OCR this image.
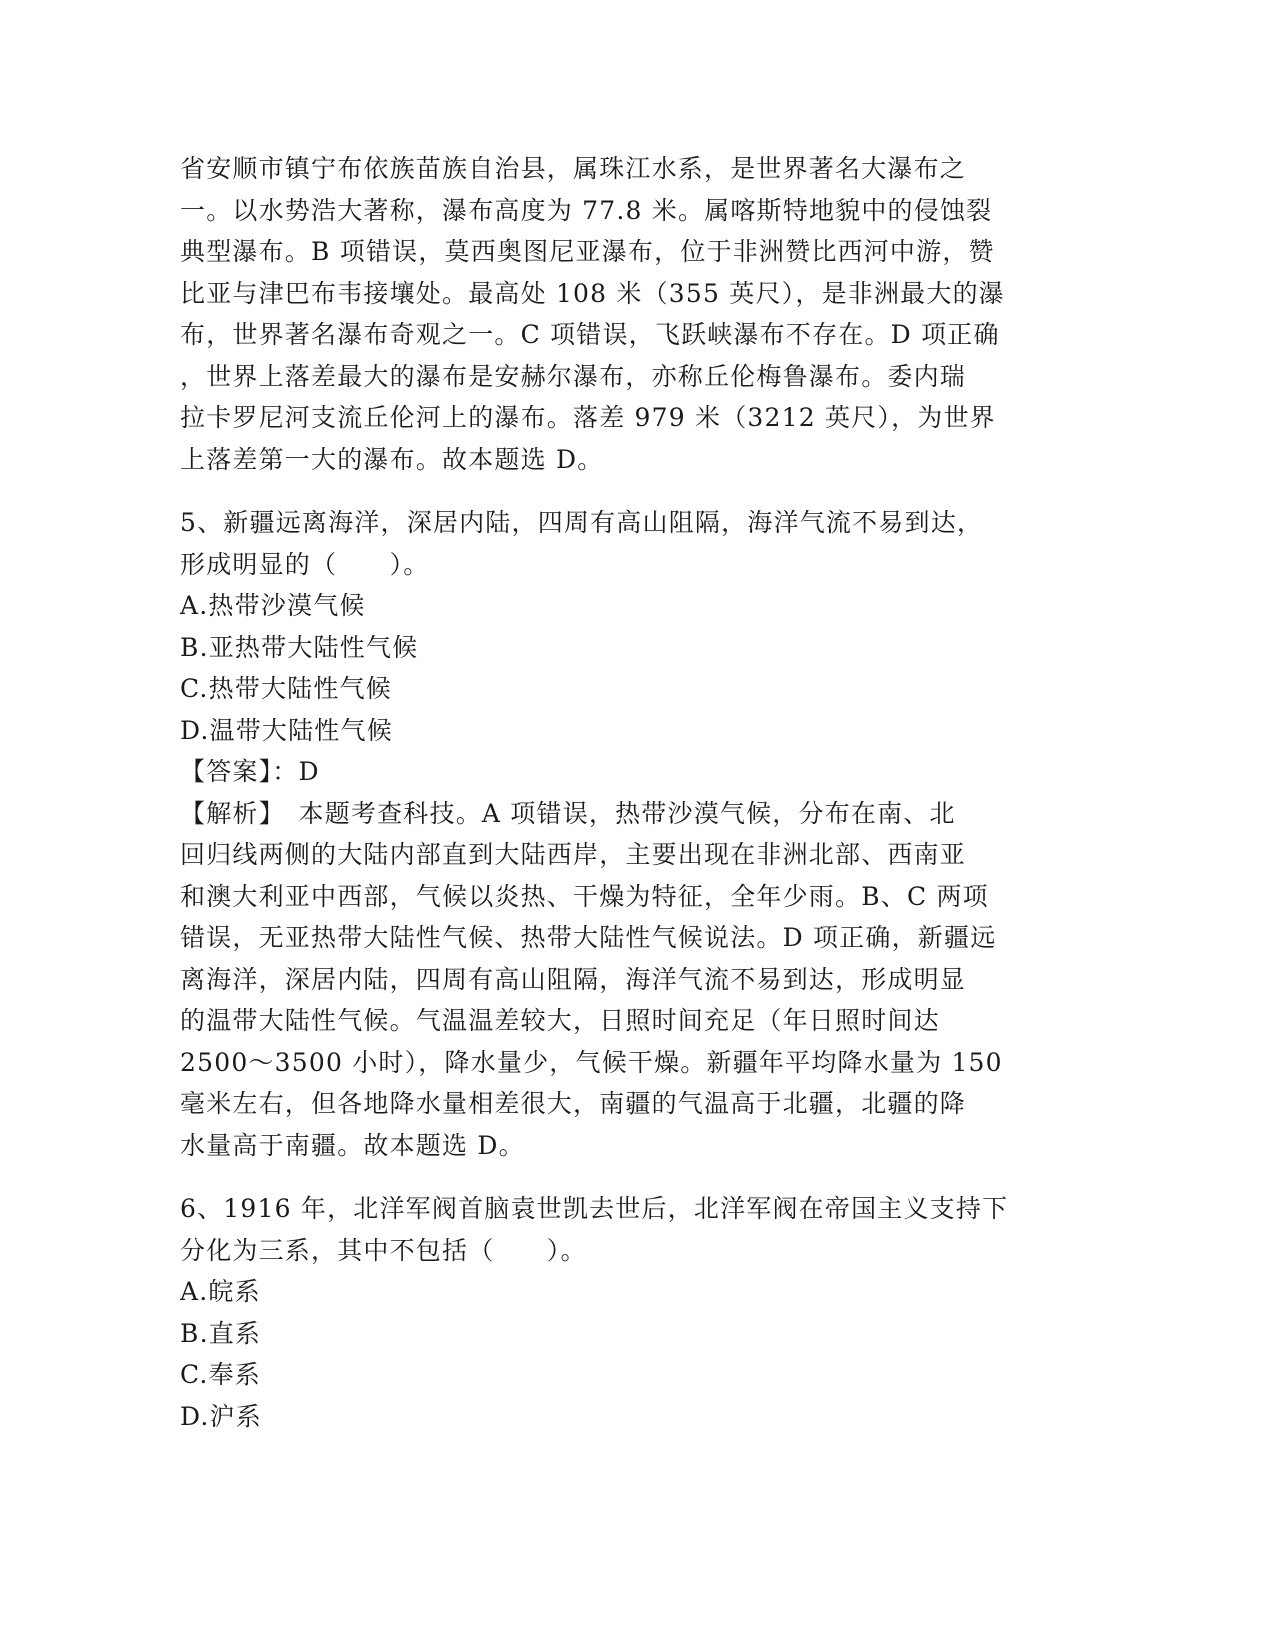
省安顺市镇宁布依族苗族自治县，属珠江水系，是世界著名大瀑布之
一。以水势浩大著称，瀑布高度为 77.8 米。属喀斯特地貌中的侵蚀裂
典型瀑布。B 项错误，莫西奥图尼亚瀑布，位于非洲赞比西河中游，赞
比亚与津巴布韦接壤处。最高处 108 米（355 英尺），是非洲最大的瀑
布，世界著名瀑布奇观之一。C 项错误，飞跃峡瀑布不存在。D 项正确
，世界上落差最大的瀑布是安赫尔瀑布，亦称丘伦梅鲁瀑布。委内瑞
拉卡罗尼河支流丘伦河上的瀑布。落差 979 米（3212 英尺），为世界
上落差第一大的瀑布。故本题选 D。
5、新疆远离海洋，深居内陆，四周有高山阻隔，海洋气流不易到达，
形成明显的（　　）。
A.热带沙漠气候
B.亚热带大陆性气候
C.热带大陆性气候
D.温带大陆性气候
【答案】：D
【解析】　本题考查科技。A 项错误，热带沙漠气候，分布在南、北
回归线两侧的大陆内部直到大陆西岸，主要出现在非洲北部、西南亚
和澳大利亚中西部，气候以炎热、干燥为特征，全年少雨。B、C 两项
错误，无亚热带大陆性气候、热带大陆性气候说法。D 项正确，新疆远
离海洋，深居内陆，四周有高山阻隔，海洋气流不易到达，形成明显
的温带大陆性气候。气温温差较大，日照时间充足（年日照时间达
2500～3500 小时），降水量少，气候干燥。新疆年平均降水量为 150
毫米左右，但各地降水量相差很大，南疆的气温高于北疆，北疆的降
水量高于南疆。故本题选 D。
6、1916 年，北洋军阀首脑袁世凯去世后，北洋军阀在帝国主义支持下
分化为三系，其中不包括（　　）。
A.皖系
B.直系
C.奉系
D.沪系
